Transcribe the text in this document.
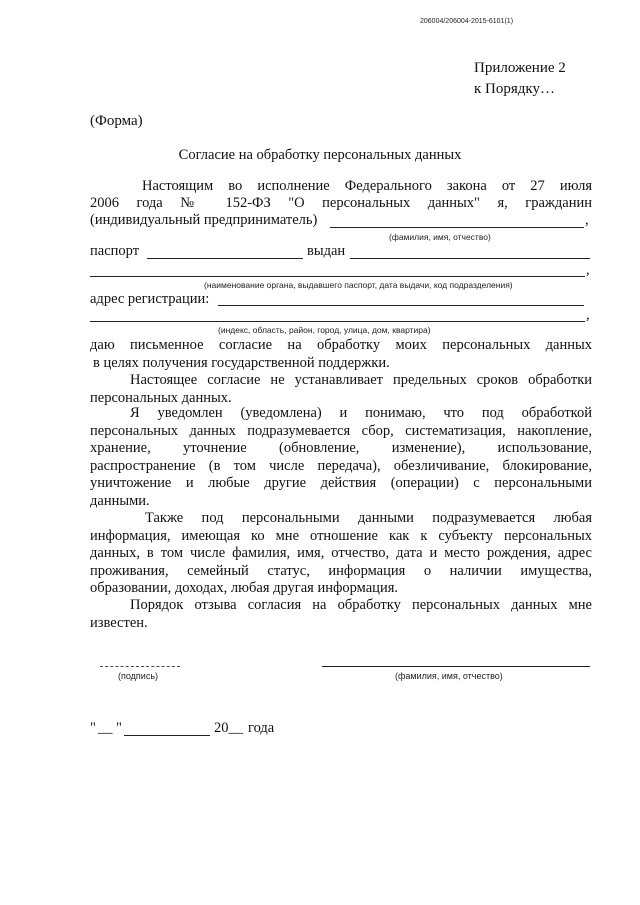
206004/206004-2015-6101(1)
Приложение 2
к Порядку…
(Форма)
Согласие на обработку персональных данных
Настоящим во исполнение Федерального закона от 27 июля
2006 года № 152-ФЗ "О персональных данных" я, гражданин
(индивидуальный предприниматель)	,
(фамилия, имя, отчество)
паспорт	выдан
,
(наименование органа, выдавшего паспорт, дата выдачи, код подразделения)
адрес регистрации:
,
(индекс, область, район, город, улица, дом, квартира)
даю письменное согласие на обработку моих персональных данных
в целях получения государственной поддержки.
Настоящее согласие не устанавливает предельных сроков обработки
персональных данных.
Я уведомлен (уведомлена) и понимаю, что под обработкой
персональных данных подразумевается сбор, систематизация, накопление,
хранение, уточнение (обновление, изменение), использование,
распространение (в том числе передача), обезличивание, блокирование,
уничтожение и любые другие действия (операции) с персональными
данными.
Также под персональными данными подразумевается любая
информация, имеющая ко мне отношение как к субъекту персональных
данных, в том числе фамилия, имя, отчество, дата и место рождения, адрес
проживания, семейный статус, информация о наличии имущества,
образовании, доходах, любая другая информация.
Порядок отзыва согласия на обработку персональных данных мне
известен.
(подпись)	(фамилия, имя, отчество)
" __ "	20__ года
